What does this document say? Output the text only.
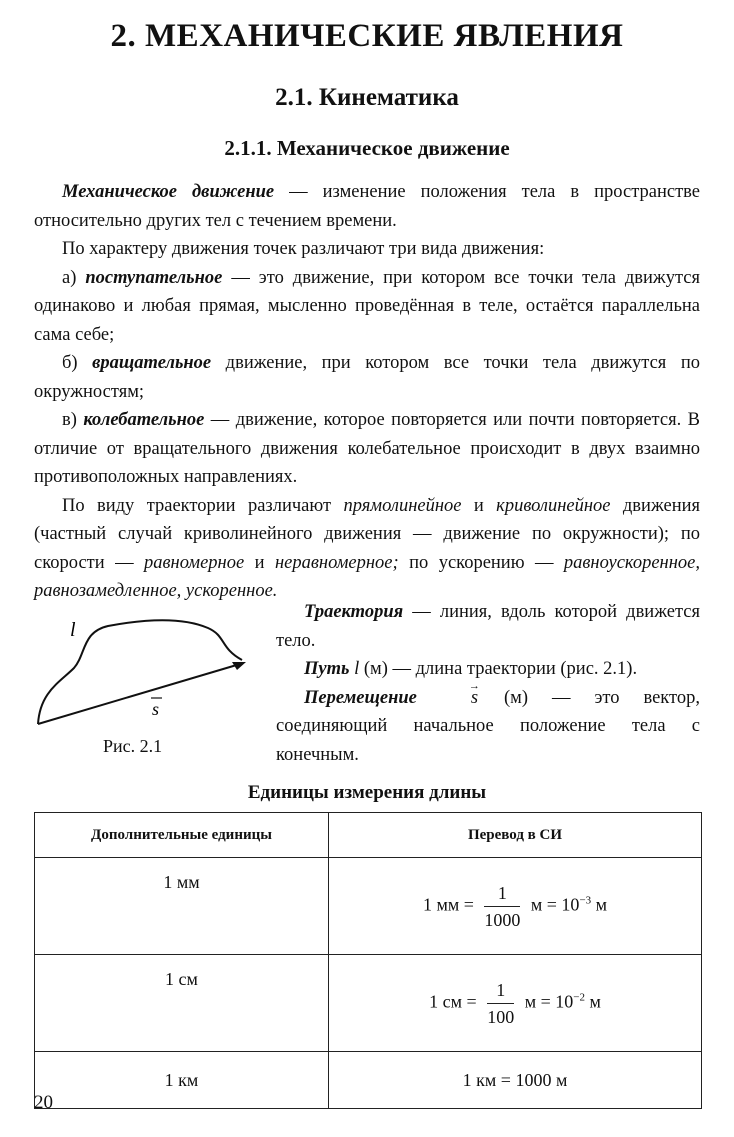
2. МЕХАНИЧЕСКИЕ ЯВЛЕНИЯ
2.1. Кинематика
2.1.1. Механическое движение

Механическое движение — изменение положения тела в пространстве относительно других тел с течением времени.

По характеру движения точек различают три вида движения:

а) поступательное — это движение, при котором все точки тела движутся одинаково и любая прямая, мысленно проведённая в теле, остаётся параллельна сама себе;

б) вращательное движение, при котором все точки тела движутся по окружностям;

в) колебательное — движение, которое повторяется или почти повторяется. В отличие от вращательного движения колебательное происходит в двух взаимно противоположных направлениях.

По виду траектории различают прямолинейное и криволинейное движения (частный случай криволинейного движения — движение по окружности); по скорости — равномерное и неравномерное; по ускорению — равноускоренное, равнозамедленное, ускоренное.

l
s
Рис. 2.1

Траектория — линия, вдоль которой движется тело.

Путь l (м) — длина траектории (рис. 2.1).

Перемещение	→ s (м) — это вектор, соединяющий начальное положение тела с конечным.

Единицы измерения длины
Дополнительные единицы	Перевод в СИ
1 мм	1 мм = $\frac{1}{1000}$ $м = 10^{-3}$ м
1 см	1 см = $\frac{1}{100}$ $м = 10^{-2}$ м
1 км	1 км = 1000 м
20
